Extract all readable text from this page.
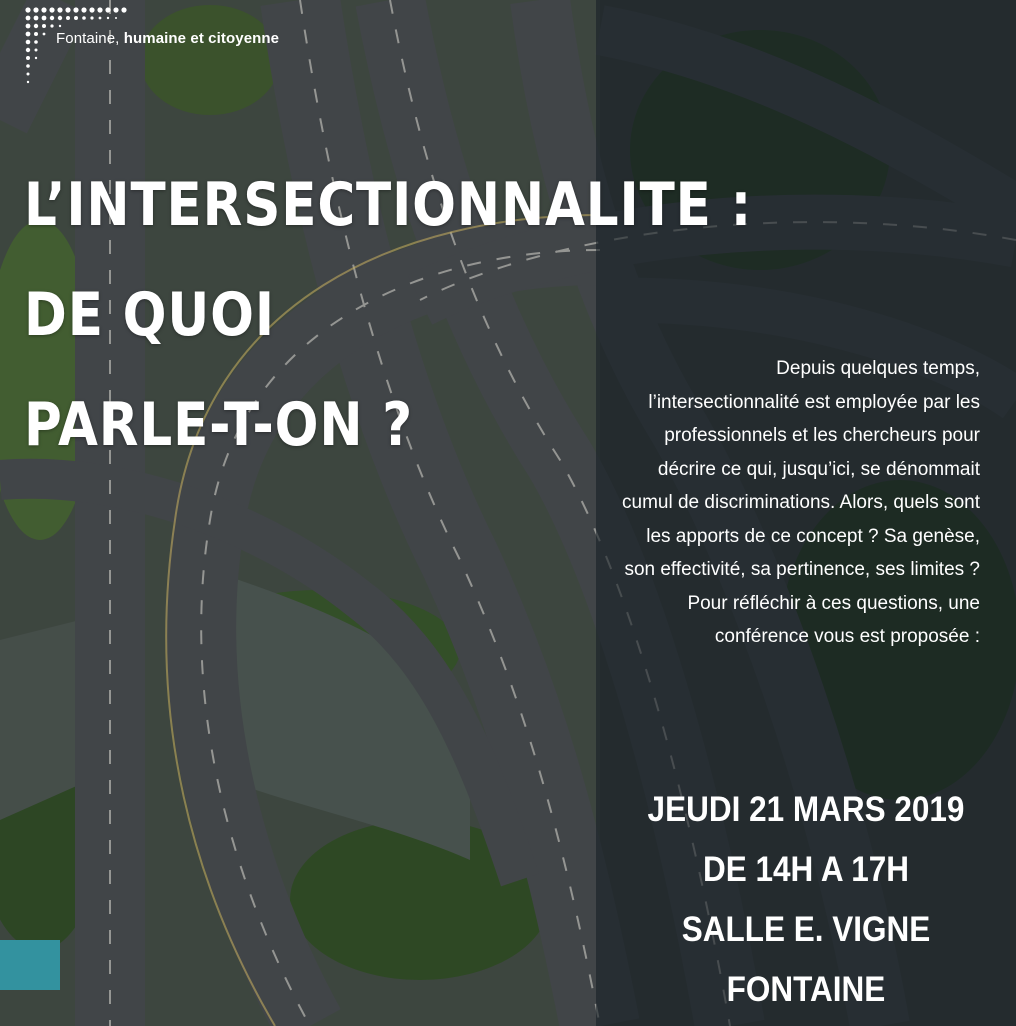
Fontaine, humaine et citoyenne
L’INTERSECTIONNALITE :
DE QUOI
PARLE-T-ON ?

Depuis quelques temps, l’intersectionnalité est employée par les professionnels et les chercheurs pour décrire ce qui, jusqu’ici, se dénommait cumul de discriminations. Alors, quels sont les apports de ce concept ? Sa genèse, son effectivité, sa pertinence, ses limites ? Pour réfléchir à ces questions, une conférence vous est proposée :

JEUDI 21 MARS 2019
DE 14H A 17H
SALLE E. VIGNE
FONTAINE
